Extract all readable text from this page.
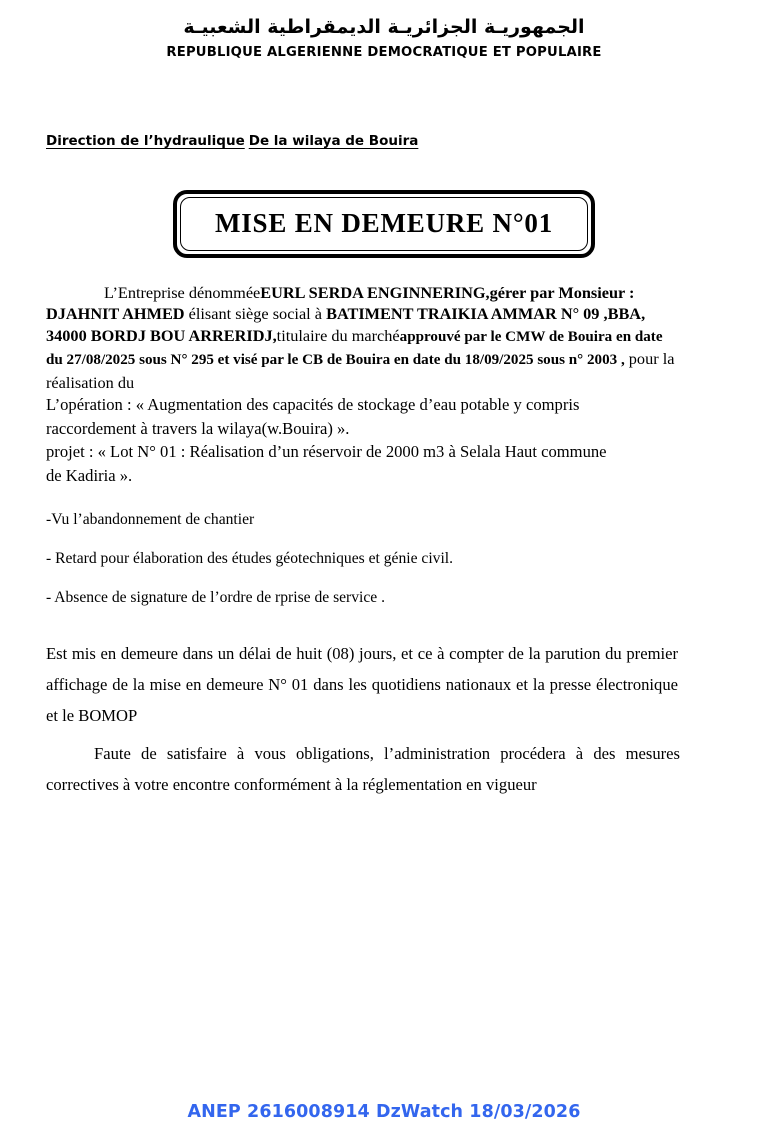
الجمهوريـة الجزائريـة الديمقراطية الشعبيـة
REPUBLIQUE ALGERIENNE DEMOCRATIQUE ET POPULAIRE
Direction de l’hydraulique De la wilaya de Bouira
MISE EN DEMEURE N°01
L’Entreprise dénomméeEURL SERDA ENGINNERING,gérer par Monsieur : DJAHNIT AHMED élisant siège social à BATIMENT TRAIKIA AMMAR N° 09 ,BBA, 34000 BORDJ BOU ARRERIDJ,titulaire du marchéapprouvé par le CMW de Bouira en date du 27/08/2025 sous N° 295 et visé par le CB de Bouira en date du 18/09/2025 sous n° 2003 , pour la réalisation du
L’opération : « Augmentation des capacités de stockage d’eau potable y compris
raccordement à travers la wilaya(w.Bouira) ».
projet : « Lot N° 01 : Réalisation d’un réservoir de 2000 m3 à Selala Haut commune
de Kadiria ».
-Vu l’abandonnement de chantier
- Retard pour élaboration des études géotechniques et génie civil.
- Absence de signature de l’ordre de rprise de service .
Est mis en demeure dans un délai de huit (08) jours, et ce à compter de la parution du premier affichage de la mise en demeure N° 01 dans les quotidiens nationaux et la presse électronique et le BOMOP
Faute de satisfaire à vous obligations, l’administration procédera à des mesures correctives à votre encontre conformément à la réglementation en vigueur
ANEP 2616008914 DzWatch 18/03/2026
